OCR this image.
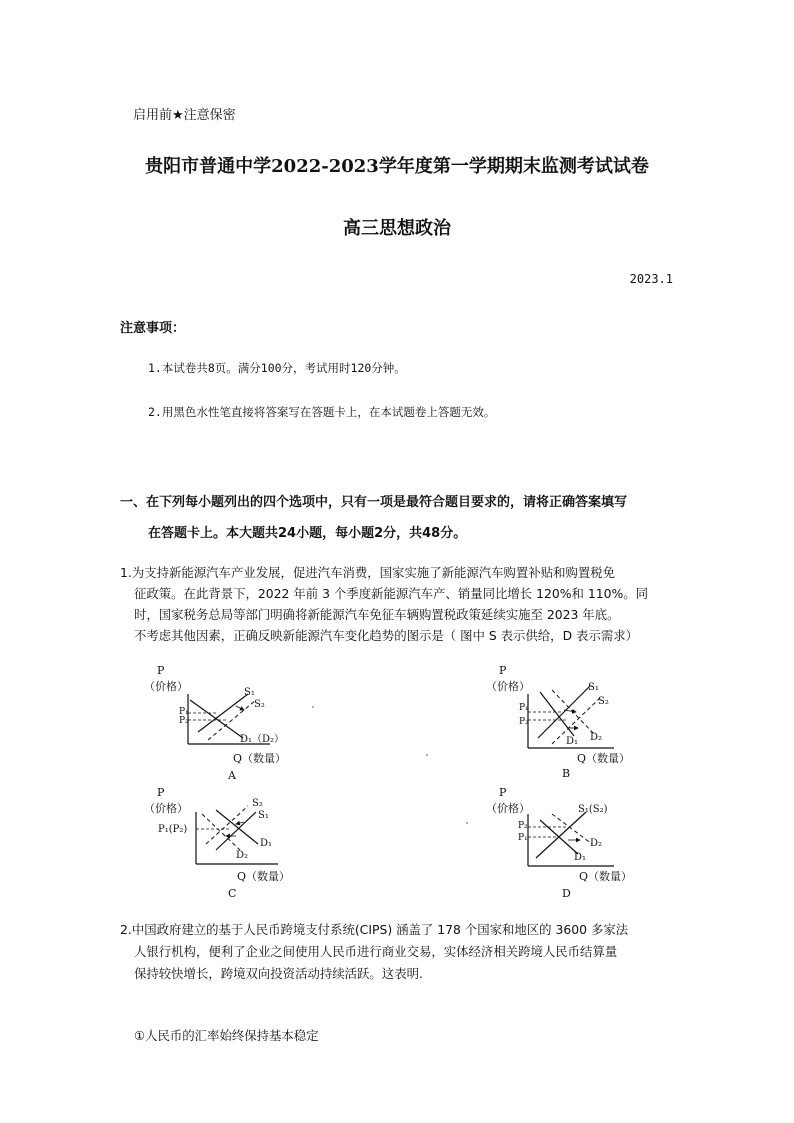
启用前★注意保密
贵阳市普通中学2022-2023学年度第一学期期末监测考试试卷
高三思想政治
2023.1
注意事项：
1.本试卷共8页。满分100分，考试用时120分钟。
2.用黑色水性笔直接将答案写在答题卡上，在本试题卷上答题无效。
一、在下列每小题列出的四个选项中，只有一项是最符合题目要求的，请将正确答案填写
在答题卡上。本大题共24小题，每小题2分，共48分。
1.为支持新能源汽车产业发展，促进汽车消费，国家实施了新能源汽车购置补贴和购置税免
征政策。在此背景下，2022 年前 3 个季度新能源汽车产、销量同比增长 120%和 110%。同
时，国家税务总局等部门明确将新能源汽车免征车辆购置税政策延续实施至 2023 年底。
不考虑其他因素，正确反映新能源汽车变化趋势的图示是（ 图中 S 表示供给，D 表示需求）
P
（价格）	S₁
S₂
P₁
P₂
D₁（D₂）
Q（数量）
A
P
（价格）	S₁
S₂
P₁
P₂
D₁ D₂
Q（数量）
B
P
（价格）	S₂
S₁
P₁(P₂)
D₁
D₂
Q（数量）
C
P
（价格）	S₁(S₂)
P₂
P₁	D₂
D₁
Q（数量）
D
2.中国政府建立的基于人民币跨境支付系统(CIPS) 涵盖了 178 个国家和地区的 3600 多家法
人银行机构，便利了企业之间使用人民币进行商业交易，实体经济相关跨境人民币结算量
保持较快增长，跨境双向投资活动持续活跃。这表明.
①人民币的汇率始终保持基本稳定
